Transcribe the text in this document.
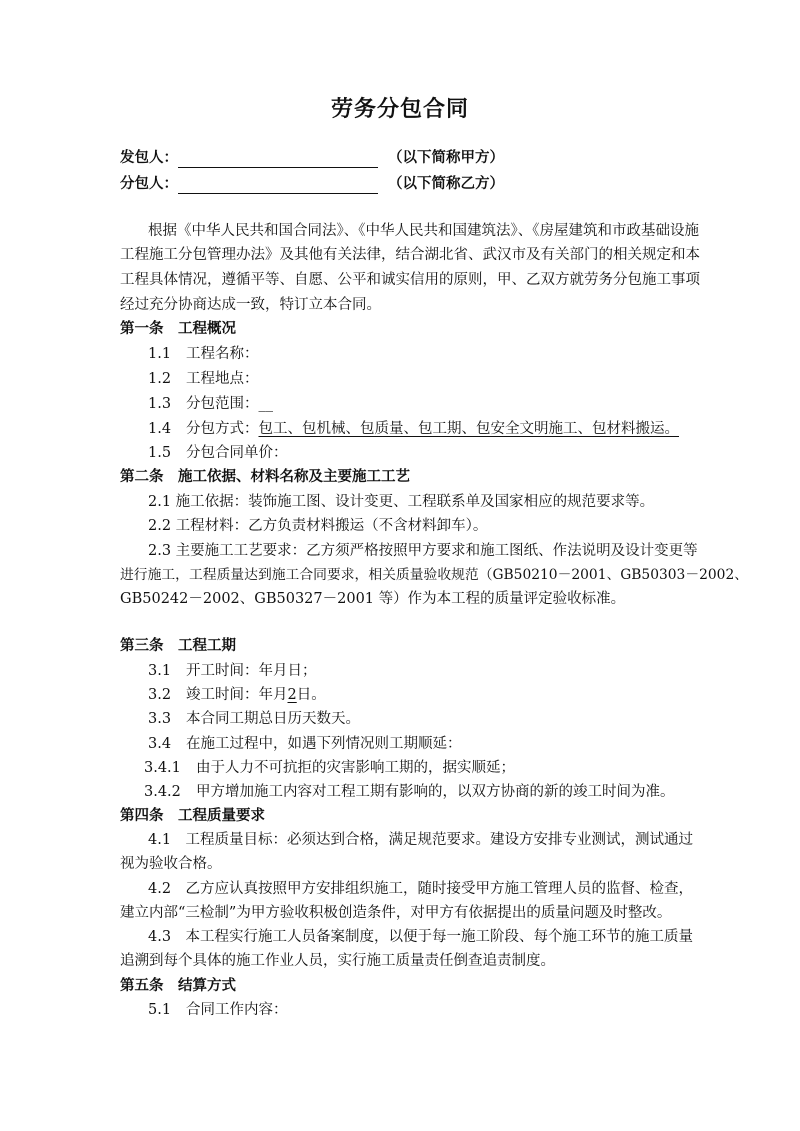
劳务分包合同
发包人：	（以下简称甲方）
分包人：	（以下简称乙方）
根据《中华人民共和国合同法》、《中华人民共和国建筑法》、《房屋建筑和市政基础设施
工程施工分包管理办法》及其他有关法律，结合湖北省、武汉市及有关部门的相关规定和本
工程具体情况，遵循平等、自愿、公平和诚实信用的原则，甲、乙双方就劳务分包施工事项
经过充分协商达成一致，特订立本合同。
第一条　工程概况
1.1 工程名称：
1.2 工程地点：
1.3 分包范围：__
1.4 分包方式：包工、包机械、包质量、包工期、包安全文明施工、包材料搬运。
1.5 分包合同单价：
第二条　施工依据、材料名称及主要施工工艺
2.1 施工依据：装饰施工图、设计变更、工程联系单及国家相应的规范要求等。
2.2 工程材料：乙方负责材料搬运（不含材料卸车）。
2.3 主要施工工艺要求：乙方须严格按照甲方要求和施工图纸、作法说明及设计变更等
进行施工，工程质量达到施工合同要求，相关质量验收规范（GB50210－2001、GB50303－2002、
GB50242－2002、GB50327－2001 等）作为本工程的质量评定验收标准。
第三条　工程工期
3.1 开工时间：年月日；
3.2 竣工时间：年月2日。
3.3 本合同工期总日历天数天。
3.4 在施工过程中，如遇下列情况则工期顺延：
3.4.1 由于人力不可抗拒的灾害影响工期的，据实顺延；
3.4.2 甲方增加施工内容对工程工期有影响的，以双方协商的新的竣工时间为准。
第四条　工程质量要求
4.1　工程质量目标：必须达到合格，满足规范要求。建设方安排专业测试，测试通过
视为验收合格。
4.2　乙方应认真按照甲方安排组织施工，随时接受甲方施工管理人员的监督、检查，
建立内部“三检制”为甲方验收积极创造条件，对甲方有依据提出的质量问题及时整改。
4.3　本工程实行施工人员备案制度，以便于每一施工阶段、每个施工环节的施工质量
追溯到每个具体的施工作业人员，实行施工质量责任倒查追责制度。
第五条　结算方式
5.1 合同工作内容：
